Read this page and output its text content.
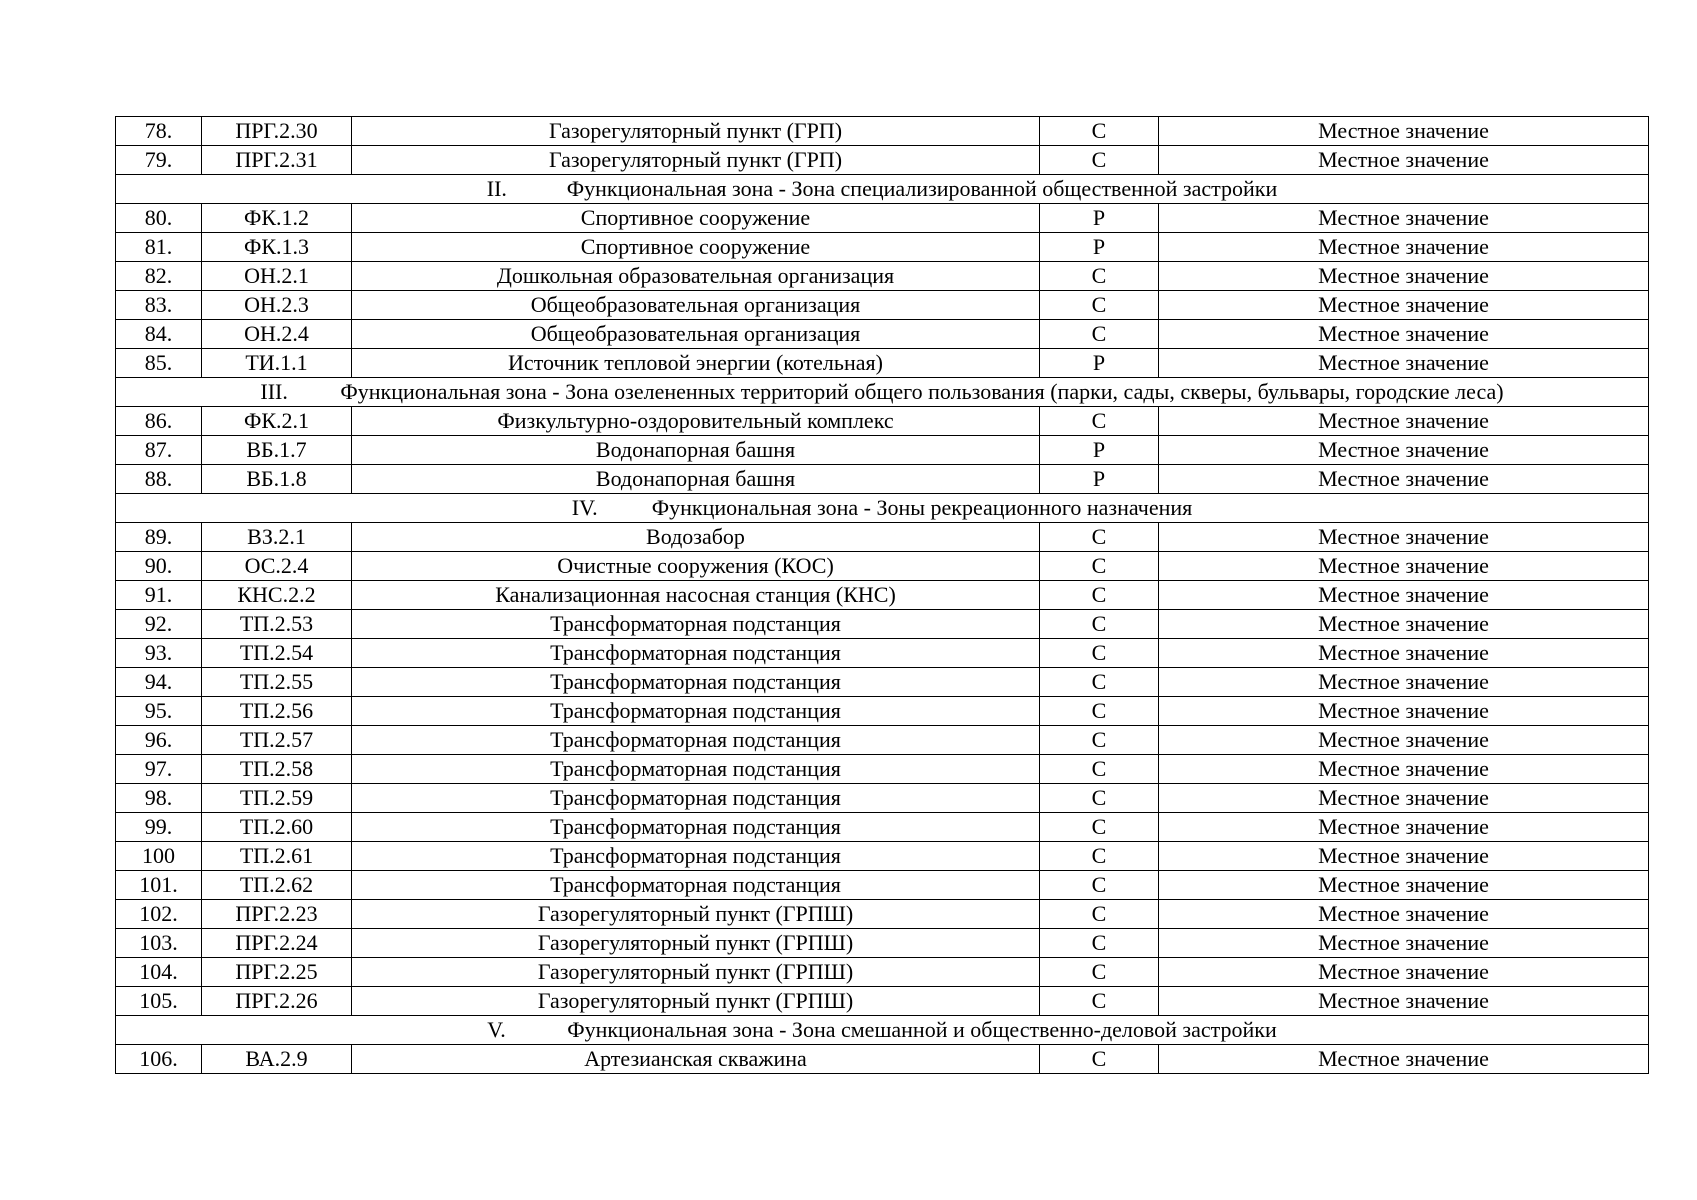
78.	ПРГ.2.30	Газорегуляторный пункт (ГРП)	С	Местное значение
79.	ПРГ.2.31	Газорегуляторный пункт (ГРП)	С	Местное значение
II. Функциональная зона - Зона специализированной общественной застройки				
80.	ФК.1.2	Спортивное сооружение	Р	Местное значение
81.	ФК.1.3	Спортивное сооружение	Р	Местное значение
82.	ОН.2.1	Дошкольная образовательная организация	С	Местное значение
83.	ОН.2.3	Общеобразовательная организация	С	Местное значение
84.	ОН.2.4	Общеобразовательная организация	С	Местное значение
85.	ТИ.1.1	Источник тепловой энергии (котельная)	Р	Местное значение
III. Функциональная зона - Зона озелененных территорий общего пользования (парки, сады, скверы, бульвары, городские леса)				
86.	ФК.2.1	Физкультурно-оздоровительный комплекс	С	Местное значение
87.	ВБ.1.7	Водонапорная башня	Р	Местное значение
88.	ВБ.1.8	Водонапорная башня	Р	Местное значение
IV. Функциональная зона - Зоны рекреационного назначения				
89.	ВЗ.2.1	Водозабор	С	Местное значение
90.	ОС.2.4	Очистные сооружения (КОС)	С	Местное значение
91.	КНС.2.2	Канализационная насосная станция (КНС)	С	Местное значение
92.	ТП.2.53	Трансформаторная подстанция	С	Местное значение
93.	ТП.2.54	Трансформаторная подстанция	С	Местное значение
94.	ТП.2.55	Трансформаторная подстанция	С	Местное значение
95.	ТП.2.56	Трансформаторная подстанция	С	Местное значение
96.	ТП.2.57	Трансформаторная подстанция	С	Местное значение
97.	ТП.2.58	Трансформаторная подстанция	С	Местное значение
98.	ТП.2.59	Трансформаторная подстанция	С	Местное значение
99.	ТП.2.60	Трансформаторная подстанция	С	Местное значение
100	ТП.2.61	Трансформаторная подстанция	С	Местное значение
101.	ТП.2.62	Трансформаторная подстанция	С	Местное значение
102.	ПРГ.2.23	Газорегуляторный пункт (ГРПШ)	С	Местное значение
103.	ПРГ.2.24	Газорегуляторный пункт (ГРПШ)	С	Местное значение
104.	ПРГ.2.25	Газорегуляторный пункт (ГРПШ)	С	Местное значение
105.	ПРГ.2.26	Газорегуляторный пункт (ГРПШ)	С	Местное значение
V. Функциональная зона - Зона смешанной и общественно-деловой застройки				
106.	ВА.2.9	Артезианская скважина	С	Местное значение
